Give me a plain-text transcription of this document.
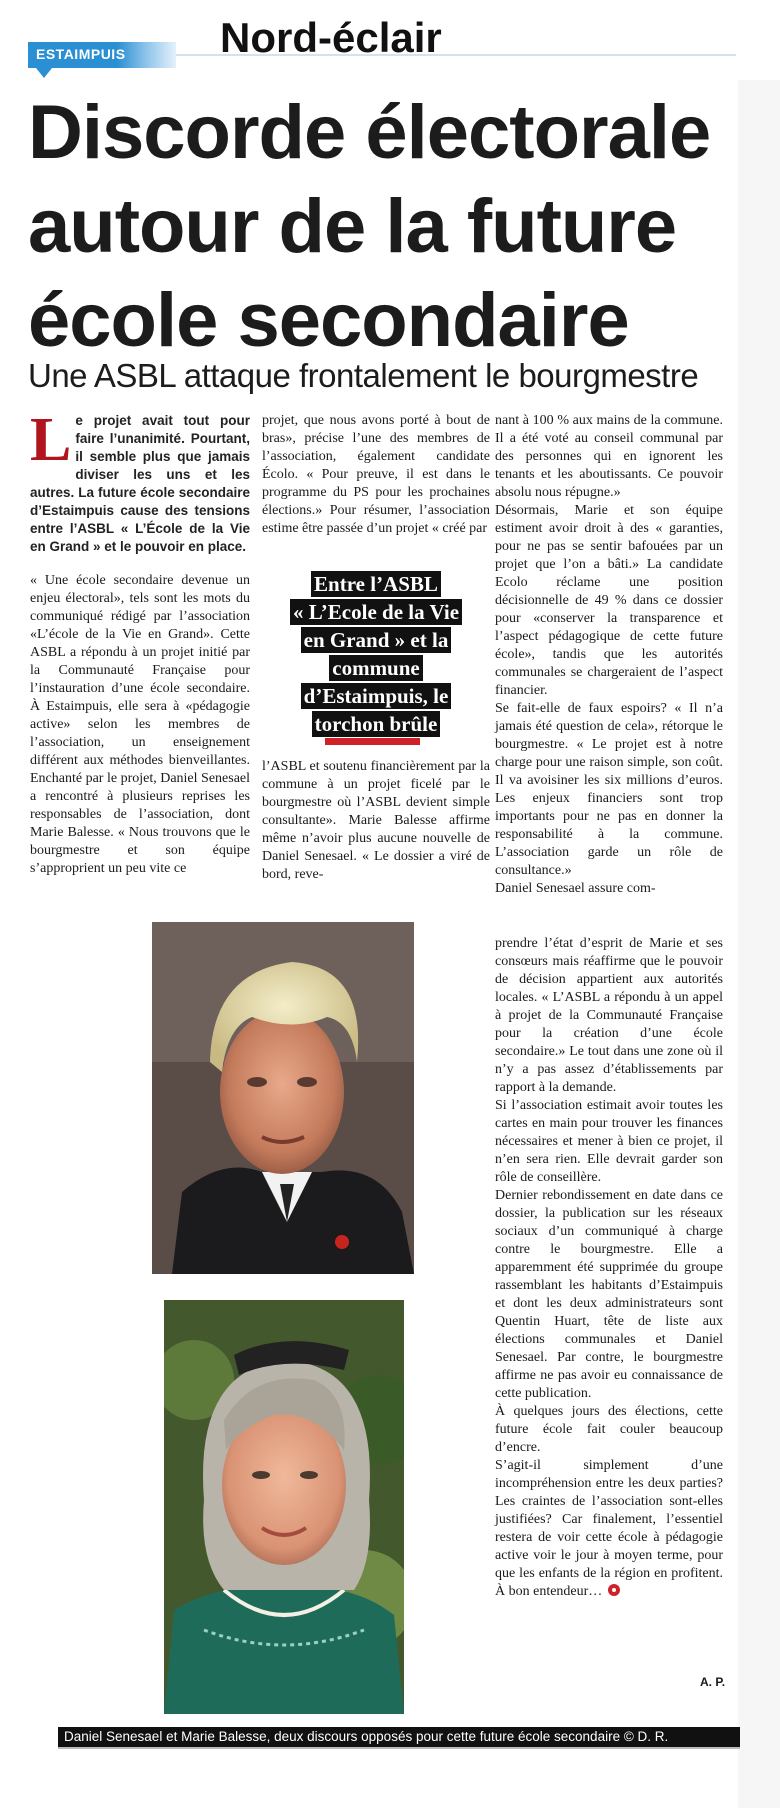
ESTAIMPUIS Nord-éclair
Discorde électorale
autour de la future
école secondaire
Une ASBL attaque frontalement le bourgmestre

Le projet avait tout pour faire l’unanimité. Pourtant, il semble plus que jamais diviser les uns et les autres. La future école secondaire d’Estaimpuis cause des tensions entre l’ASBL « L’École de la Vie en Grand » et le pouvoir en place.

« Une école secondaire devenue un enjeu électoral», tels sont les mots du communiqué rédigé par l’association «L’école de la Vie en Grand». Cette ASBL a répondu à un projet initié par la Communauté Française pour l’instauration d’une école secondaire. À Estaimpuis, elle sera à «pédagogie active» selon les membres de l’association, un enseignement différent aux méthodes bienveillantes. Enchanté par le projet, Daniel Senesael a rencontré à plusieurs reprises les responsables de l’association, dont Marie Balesse. « Nous trouvons que le bourgmestre et son équipe s’approprient un peu vite ce

projet, que nous avons porté à bout de bras», précise l’une des membres de l’association, également candidate Écolo. « Pour preuve, il est dans le programme du PS pour les prochaines élections.» Pour résumer, l’association estime être passée d’un projet « créé par

Entre l’ASBL
« L’Ecole de la Vie
en Grand » et la
commune
d’Estaimpuis, le
torchon brûle

l’ASBL et soutenu financièrement par la commune à un projet ficelé par le bourgmestre où l’ASBL devient simple consultante». Marie Balesse affirme même n’avoir plus aucune nouvelle de Daniel Senesael. « Le dossier a viré de bord, reve-

nant à 100 % aux mains de la commune. Il a été voté au conseil communal par des personnes qui en ignorent les tenants et les aboutissants. Ce pouvoir absolu nous répugne.»

Désormais, Marie et son équipe estiment avoir droit à des « garanties, pour ne pas se sentir bafouées par un projet que l’on a bâti.» La candidate Ecolo réclame une position décisionnelle de 49 % dans ce dossier pour «conserver la transparence et l’aspect pédagogique de cette future école», tandis que les autorités communales se chargeraient de l’aspect financier.

Se fait-elle de faux espoirs? « Il n’a jamais été question de cela», rétorque le bourgmestre. « Le projet est à notre charge pour une raison simple, son coût. Il va avoisiner les six millions d’euros. Les enjeux financiers sont trop importants pour ne pas en donner la responsabilité à la commune. L’association garde un rôle de consultance.»

Daniel Senesael assure com-

prendre l’état d’esprit de Marie et ses consœurs mais réaffirme que le pouvoir de décision appartient aux autorités locales. « L’ASBL a répondu à un appel à projet de la Communauté Française pour la création d’une école secondaire.» Le tout dans une zone où il n’y a pas assez d’établissements par rapport à la demande.

Si l’association estimait avoir toutes les cartes en main pour trouver les finances nécessaires et mener à bien ce projet, il n’en sera rien. Elle devrait garder son rôle de conseillère.

Dernier rebondissement en date dans ce dossier, la publication sur les réseaux sociaux d’un communiqué à charge contre le bourgmestre. Elle a apparemment été supprimée du groupe rassemblant les habitants d’Estaimpuis et dont les deux administrateurs sont Quentin Huart, tête de liste aux élections communales et Daniel Senesael. Par contre, le bourgmestre affirme ne pas avoir eu connaissance de cette publication.

À quelques jours des élections, cette future école fait couler beaucoup d’encre.

S’agit-il simplement d’une incompréhension entre les deux parties? Les craintes de l’association sont-elles justifiées? Car finalement, l’essentiel restera de voir cette école à pédagogie active voir le jour à moyen terme, pour que les enfants de la région en profitent. À bon entendeur…

A. P.
Daniel Senesael et Marie Balesse, deux discours opposés pour cette future école secondaire © D. R.
